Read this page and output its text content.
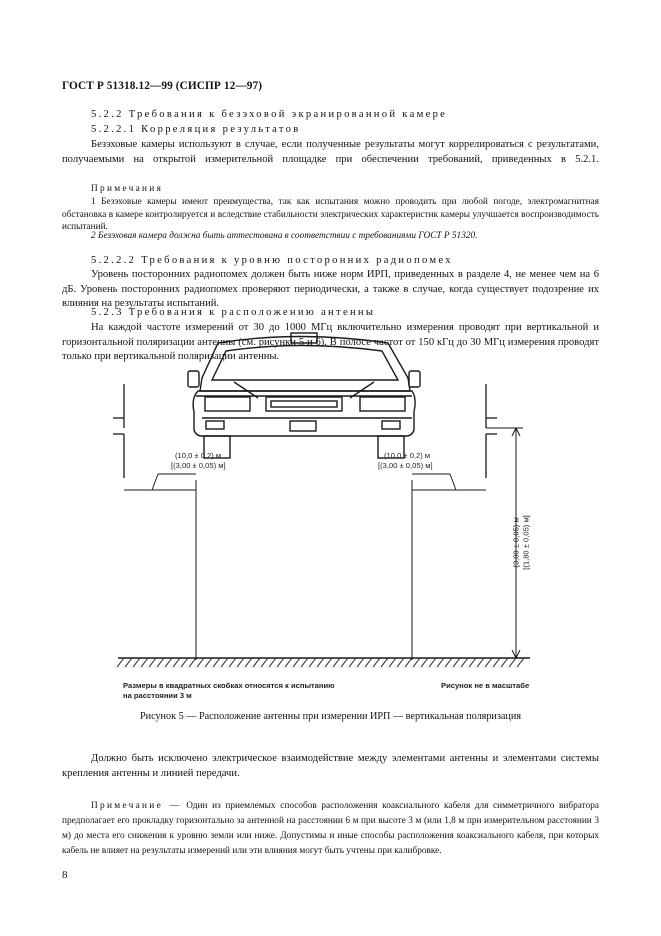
ГОСТ Р 51318.12—99 (СИСПР 12—97)
5.2.2 Требования к безэховой экранированной камере
5.2.2.1 Корреляция результатов
Безэховые камеры используют в случае, если полученные результаты могут коррелироваться с результатами, получаемыми на открытой измерительной площадке при обеспечении требований, приведенных в 5.2.1.
Примечания
1 Безэховые камеры имеют преимущества, так как испытания можно проводить при любой погоде, электромагнитная обстановка в камере контролируется и вследствие стабильности электрических характеристик камеры улучшается воспроизводимость испытаний.
2 Безэховая камера должна быть аттестована в соответствии с требованиями ГОСТ Р 51320.
5.2.2.2 Требования к уровню посторонних радиопомех
Уровень посторонних радиопомех должен быть ниже норм ИРП, приведенных в разделе 4, не менее чем на 6 дБ. Уровень посторонних радиопомех проверяют периодически, а также в случае, когда существует подозрение их влияния на результаты испытаний.
5.2.3 Требования к расположению антенны
На каждой частоте измерений от 30 до 1000 МГц включительно измерения проводят при вертикальной и горизонтальной поляризации антенны (см. рисунки 5 и 6). В полосе частот от 150 кГц до 30 МГц измерения проводят только при вертикальной поляризации антенны.
(10,0 ± 0,2) м
[(3,00 ± 0,05) м]
(10,0 ± 0,2) м
[(3,00 ± 0,05) м]
(3,00 ± 0,05) м [(1,80 ± 0,05) м]
Размеры в квадратных скобках относятся к испытанию
на расстоянии 3 м
Рисунок не в масштабе
Рисунок 5 — Расположение антенны при измерении ИРП — вертикальная поляризация
Должно быть исключено электрическое взаимодействие между элементами антенны и элементами системы крепления антенны и линией передачи.
Примечание — Один из приемлемых способов расположения коаксиального кабеля для симметричного вибратора предполагает его прокладку горизонтально за антенной на расстоянии 6 м при высоте 3 м (или 1,8 м при измерительном расстоянии 3 м) до места его снижения к уровню земли или ниже. Допустимы и иные способы расположения коаксиального кабеля, при которых кабель не влияет на результаты измерений или эти влияния могут быть учтены при калибровке.
8
